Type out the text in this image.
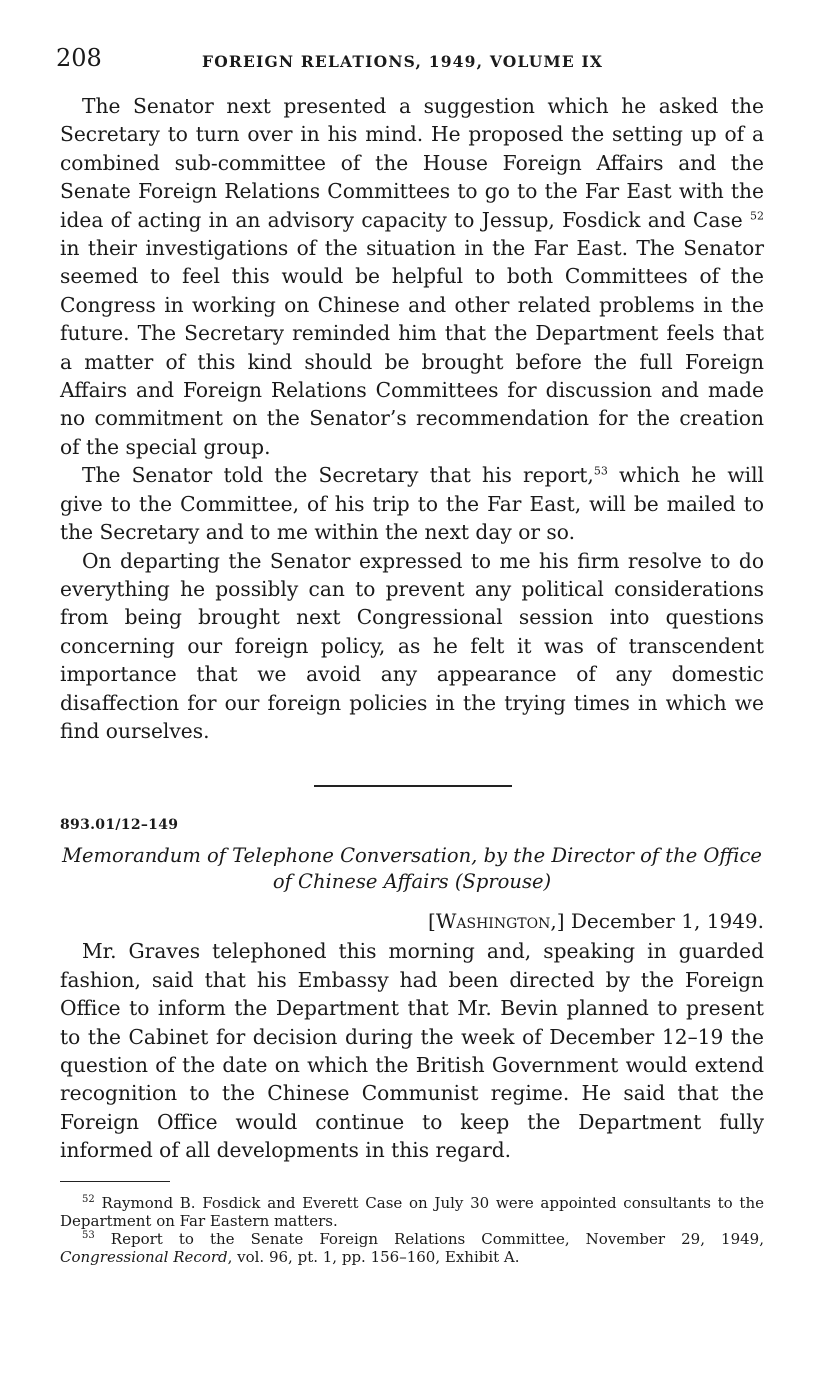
208	FOREIGN RELATIONS, 1949, VOLUME IX

The Senator next presented a suggestion which he asked the Secretary to turn over in his mind. He proposed the setting up of a combined sub-committee of the House Foreign Affairs and the Senate Foreign Relations Committees to go to the Far East with the idea of acting in an advisory capacity to Jessup, Fosdick and Case $^{52}$ in their investigations of the situation in the Far East. The Senator seemed to feel this would be helpful to both Committees of the Congress in working on Chinese and other related problems in the future. The Secretary reminded him that the Department feels that a matter of this kind should be brought before the full Foreign Affairs and Foreign Relations Committees for discussion and made no commitment on the Senator’s recommendation for the creation of the special group.

The Senator told the Secretary that his report,$^{53}$ which he will give to the Committee, of his trip to the Far East, will be mailed to the Secretary and to me within the next day or so.

On departing the Senator expressed to me his firm resolve to do everything he possibly can to prevent any political considerations from being brought next Congressional session into questions concerning our foreign policy, as he felt it was of transcendent importance that we avoid any appearance of any domestic disaffection for our foreign policies in the trying times in which we find ourselves.

893.01/12–149
Memorandum of Telephone Conversation, by the Director of the Office
of Chinese Affairs (Sprouse)
[Washington,] December 1, 1949.

Mr. Graves telephoned this morning and, speaking in guarded fashion, said that his Embassy had been directed by the Foreign Office to inform the Department that Mr. Bevin planned to present to the Cabinet for decision during the week of December 12–19 the question of the date on which the British Government would extend recognition to the Chinese Communist regime. He said that the Foreign Office would continue to keep the Department fully informed of all developments in this regard.

$^{52}$ Raymond B. Fosdick and Everett Case on July 30 were appointed consultants to the Department on Far Eastern matters.

$^{53}$ Report to the Senate Foreign Relations Committee, November 29, 1949, Congressional Record, vol. 96, pt. 1, pp. 156–160, Exhibit A.
